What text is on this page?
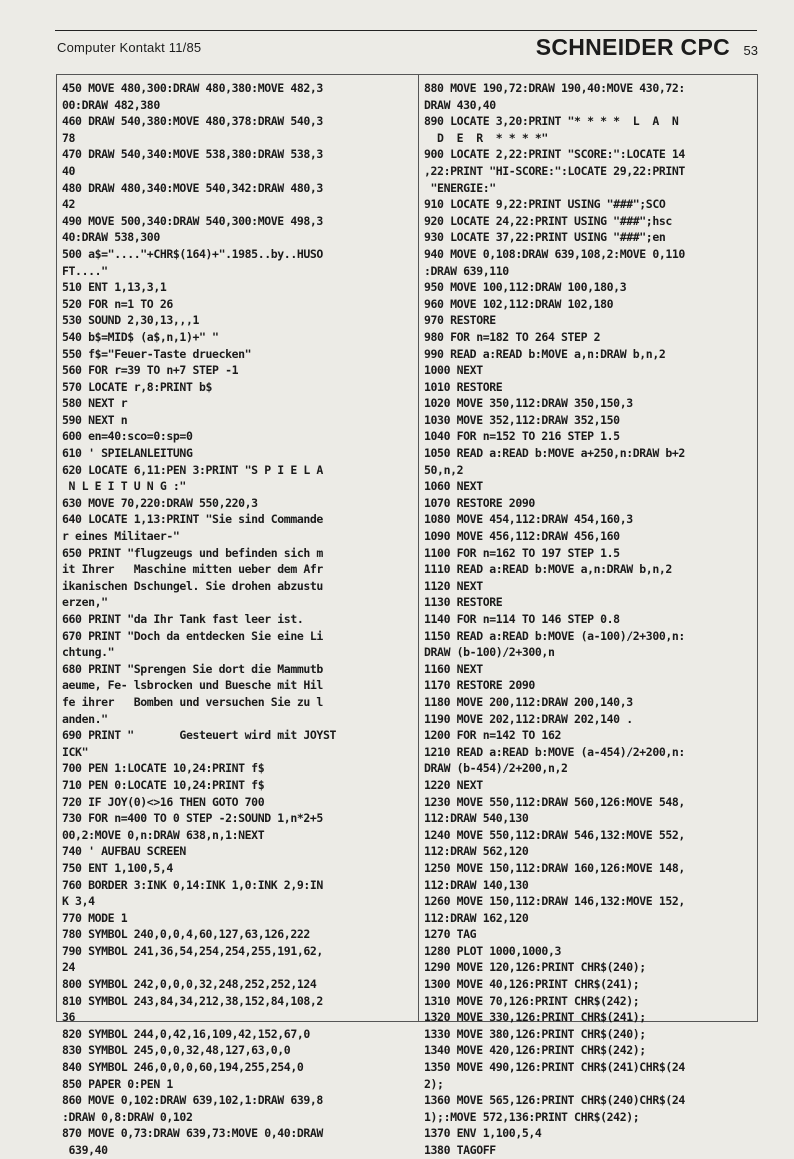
Computer Kontakt 11/85	SCHNEIDER CPC 53
450 MOVE 480,300:DRAW 480,380:MOVE 482,3
00:DRAW 482,380
460 DRAW 540,380:MOVE 480,378:DRAW 540,3
78
470 DRAW 540,340:MOVE 538,380:DRAW 538,3
40
480 DRAW 480,340:MOVE 540,342:DRAW 480,3
42
490 MOVE 500,340:DRAW 540,300:MOVE 498,3
40:DRAW 538,300
500 a$="...."+CHR$(164)+".1985..by..HUSO
FT...."
510 ENT 1,13,3,1
520 FOR n=1 TO 26
530 SOUND 2,30,13,,,1
540 b$=MID$ (a$,n,1)+" "
550 f$="Feuer-Taste druecken"
560 FOR r=39 TO n+7 STEP -1
570 LOCATE r,8:PRINT b$
580 NEXT r
590 NEXT n
600 en=40:sco=0:sp=0
610 ' SPIELANLEITUNG
620 LOCATE 6,11:PEN 3:PRINT "S P I E L A
N L E I T U N G :"
630 MOVE 70,220:DRAW 550,220,3
640 LOCATE 1,13:PRINT "Sie sind Commande
r eines Militaer-"
650 PRINT "flugzeugs und befinden sich m
it Ihrer   Maschine mitten ueber dem Afr
ikanischen Dschungel. Sie drohen abzustu
erzen,"
660 PRINT "da Ihr Tank fast leer ist.
670 PRINT "Doch da entdecken Sie eine Li
chtung."
680 PRINT "Sprengen Sie dort die Mammutb
aeume, Fe- lsbrocken und Buesche mit Hil
fe ihrer   Bomben und versuchen Sie zu l
anden."
690 PRINT "       Gesteuert wird mit JOYST
ICK"
700 PEN 1:LOCATE 10,24:PRINT f$
710 PEN 0:LOCATE 10,24:PRINT f$
720 IF JOY(0)<>16 THEN GOTO 700
730 FOR n=400 TO 0 STEP -2:SOUND 1,n*2+5
00,2:MOVE 0,n:DRAW 638,n,1:NEXT
740 ' AUFBAU SCREEN
750 ENT 1,100,5,4
760 BORDER 3:INK 0,14:INK 1,0:INK 2,9:IN
K 3,4
770 MODE 1
780 SYMBOL 240,0,0,4,60,127,63,126,222
790 SYMBOL 241,36,54,254,254,255,191,62,
24
800 SYMBOL 242,0,0,0,32,248,252,252,124
810 SYMBOL 243,84,34,212,38,152,84,108,2
36
820 SYMBOL 244,0,42,16,109,42,152,67,0
830 SYMBOL 245,0,0,32,48,127,63,0,0
840 SYMBOL 246,0,0,0,60,194,255,254,0
850 PAPER 0:PEN 1
860 MOVE 0,102:DRAW 639,102,1:DRAW 639,8
:DRAW 0,8:DRAW 0,102
870 MOVE 0,73:DRAW 639,73:MOVE 0,40:DRAW
639,40
880 MOVE 190,72:DRAW 190,40:MOVE 430,72:
DRAW 430,40
890 LOCATE 3,20:PRINT "* * * *  L  A  N
D  E  R  * * * *"
900 LOCATE 2,22:PRINT "SCORE:":LOCATE 14
,22:PRINT "HI-SCORE:":LOCATE 29,22:PRINT
"ENERGIE:"
910 LOCATE 9,22:PRINT USING "###";SCO
920 LOCATE 24,22:PRINT USING "###";hsc
930 LOCATE 37,22:PRINT USING "###";en
940 MOVE 0,108:DRAW 639,108,2:MOVE 0,110
:DRAW 639,110
950 MOVE 100,112:DRAW 100,180,3
960 MOVE 102,112:DRAW 102,180
970 RESTORE
980 FOR n=182 TO 264 STEP 2
990 READ a:READ b:MOVE a,n:DRAW b,n,2
1000 NEXT
1010 RESTORE
1020 MOVE 350,112:DRAW 350,150,3
1030 MOVE 352,112:DRAW 352,150
1040 FOR n=152 TO 216 STEP 1.5
1050 READ a:READ b:MOVE a+250,n:DRAW b+2
50,n,2
1060 NEXT
1070 RESTORE 2090
1080 MOVE 454,112:DRAW 454,160,3
1090 MOVE 456,112:DRAW 456,160
1100 FOR n=162 TO 197 STEP 1.5
1110 READ a:READ b:MOVE a,n:DRAW b,n,2
1120 NEXT
1130 RESTORE
1140 FOR n=114 TO 146 STEP 0.8
1150 READ a:READ b:MOVE (a-100)/2+300,n:
DRAW (b-100)/2+300,n
1160 NEXT
1170 RESTORE 2090
1180 MOVE 200,112:DRAW 200,140,3
1190 MOVE 202,112:DRAW 202,140 .
1200 FOR n=142 TO 162
1210 READ a:READ b:MOVE (a-454)/2+200,n:
DRAW (b-454)/2+200,n,2
1220 NEXT
1230 MOVE 550,112:DRAW 560,126:MOVE 548,
112:DRAW 540,130
1240 MOVE 550,112:DRAW 546,132:MOVE 552,
112:DRAW 562,120
1250 MOVE 150,112:DRAW 160,126:MOVE 148,
112:DRAW 140,130
1260 MOVE 150,112:DRAW 146,132:MOVE 152,
112:DRAW 162,120
1270 TAG
1280 PLOT 1000,1000,3
1290 MOVE 120,126:PRINT CHR$(240);
1300 MOVE 40,126:PRINT CHR$(241);
1310 MOVE 70,126:PRINT CHR$(242);
1320 MOVE 330,126:PRINT CHR$(241);
1330 MOVE 380,126:PRINT CHR$(240);
1340 MOVE 420,126:PRINT CHR$(242);
1350 MOVE 490,126:PRINT CHR$(241)CHR$(24
2);
1360 MOVE 565,126:PRINT CHR$(240)CHR$(24
1);:MOVE 572,136:PRINT CHR$(242);
1370 ENV 1,100,5,4
1380 TAGOFF
